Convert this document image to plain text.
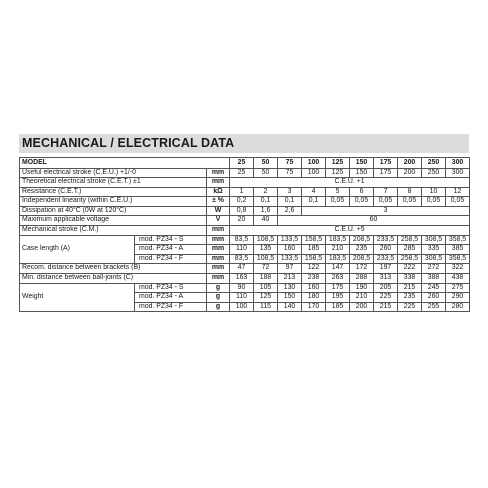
MECHANICAL / ELECTRICAL DATA
MODEL			25	50	75	100	125	150	175	200	250	300
Useful electrical stroke (C.E.U.) +1/-0		mm	25	50	75	100	125	150	175	200	250	300
Theoretical electrical stroke (C.E.T.) ±1		mm	C.E.U. +1									
Resistance (C.E.T.)		kΩ	1	2	3	4	5	6	7	8	10	12
Independent linearity (within C.E.U.)		± %	0,2	0,1	0,1	0,1	0,05	0,05	0,05	0,05	0,05	0,05
Dissipation at 40°C (0W at 120°C)		W	0,8	1,6	2,6	3						
Maximum applicable voltage		V	20	40	60							
Mechanical stroke (C.M.)		mm	C.E.U. +5									
Case length (A)	mod. PZ34 - S	mm	83,5	108,5	133,5	158,5	183,5	208,5	233,5	258,5	308,5	358,5
	mod. PZ34 - A	mm	110	135	160	185	210	235	260	285	335	385
	mod. PZ34 - F	mm	83,5	108,5	133,5	158,5	183,5	208,5	233,5	258,5	308,5	358,5
Recom. distance between brackets (B)		mm	47	72	97	122	147	172	197	222	272	322
Min. distance between ball-joints (C)		mm	163	188	213	238	263	288	313	338	388	438
Weight	mod. PZ34 - S	g	90	105	130	160	175	190	205	215	245	275
	mod. PZ34 - A	g	110	125	150	180	195	210	225	235	260	290
	mod. PZ34 - F	g	100	115	140	170	185	200	215	225	255	280
